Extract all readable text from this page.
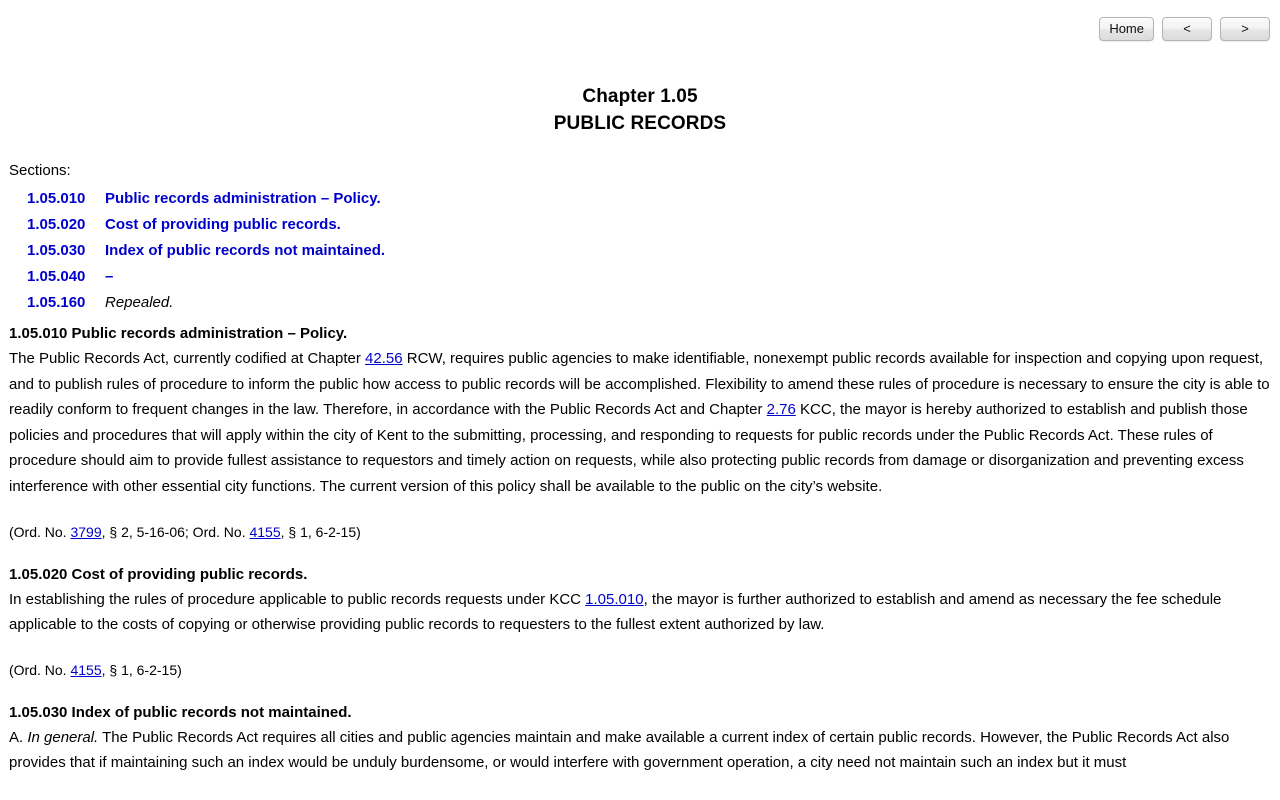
Home	<	>
Chapter 1.05
PUBLIC RECORDS

Sections:

1.05.010	Public records administration – Policy.
1.05.020	Cost of providing public records.
1.05.030	Index of public records not maintained.
1.05.040	–
1.05.160	Repealed.
1.05.010 Public records administration – Policy.

The Public Records Act, currently codified at Chapter 42.56 RCW, requires public agencies to make identifiable, nonexempt public records available for inspection and copying upon request, and to publish rules of procedure to inform the public how access to public records will be accomplished. Flexibility to amend these rules of procedure is necessary to ensure the city is able to readily conform to frequent changes in the law. Therefore, in accordance with the Public Records Act and Chapter 2.76 KCC, the mayor is hereby authorized to establish and publish those policies and procedures that will apply within the city of Kent to the submitting, processing, and responding to requests for public records under the Public Records Act. These rules of procedure should aim to provide fullest assistance to requestors and timely action on requests, while also protecting public records from damage or disorganization and preventing excess interference with other essential city functions. The current version of this policy shall be available to the public on the city’s website.

(Ord. No. 3799, § 2, 5-16-06; Ord. No. 4155, § 1, 6-2-15)

1.05.020 Cost of providing public records.

In establishing the rules of procedure applicable to public records requests under KCC 1.05.010, the mayor is further authorized to establish and amend as necessary the fee schedule applicable to the costs of copying or otherwise providing public records to requesters to the fullest extent authorized by law.

(Ord. No. 4155, § 1, 6-2-15)

1.05.030 Index of public records not maintained.

A. In general. The Public Records Act requires all cities and public agencies maintain and make available a current index of certain public records. However, the Public Records Act also provides that if maintaining such an index would be unduly burdensome, or would interfere with government operation, a city need not maintain such an index but it must
